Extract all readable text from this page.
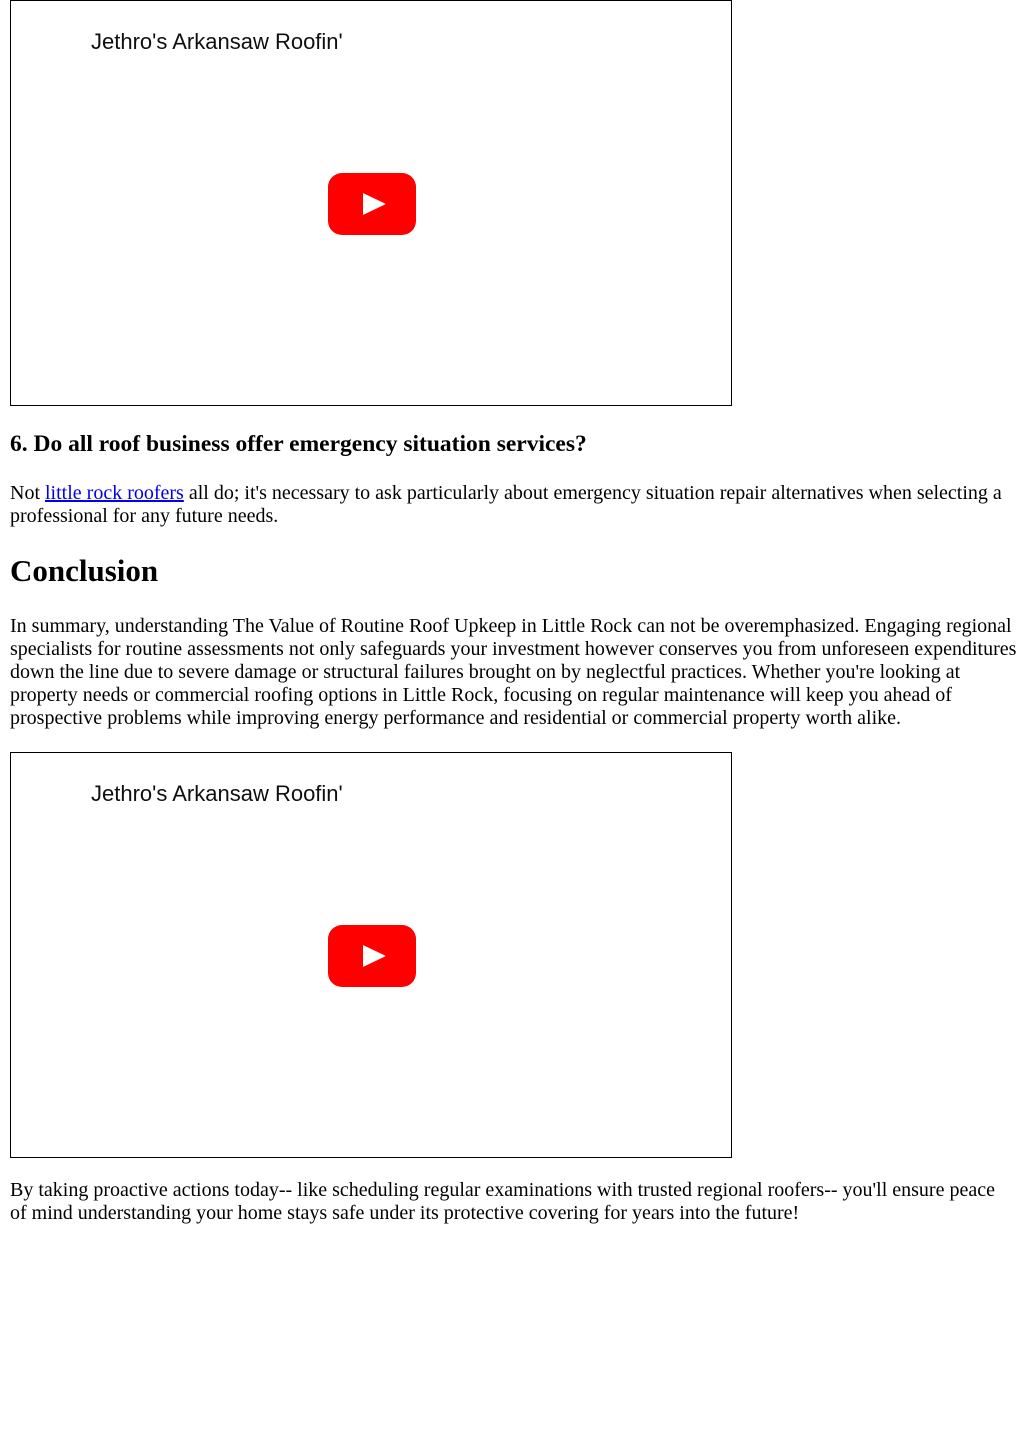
Jethro's Arkansaw Roofin'
6. Do all roof business offer emergency situation services?

Not little rock roofers all do; it's necessary to ask particularly about emergency situation repair alternatives when selecting a professional for any future needs.

Conclusion

In summary, understanding The Value of Routine Roof Upkeep in Little Rock can not be overemphasized. Engaging regional specialists for routine assessments not only safeguards your investment however conserves you from unforeseen expenditures down the line due to severe damage or structural failures brought on by neglectful practices. Whether you're looking at property needs or commercial roofing options in Little Rock, focusing on regular maintenance will keep you ahead of prospective problems while improving energy performance and residential or commercial property worth alike.

Jethro's Arkansaw Roofin'

By taking proactive actions today-- like scheduling regular examinations with trusted regional roofers-- you'll ensure peace of mind understanding your home stays safe under its protective covering for years into the future!
